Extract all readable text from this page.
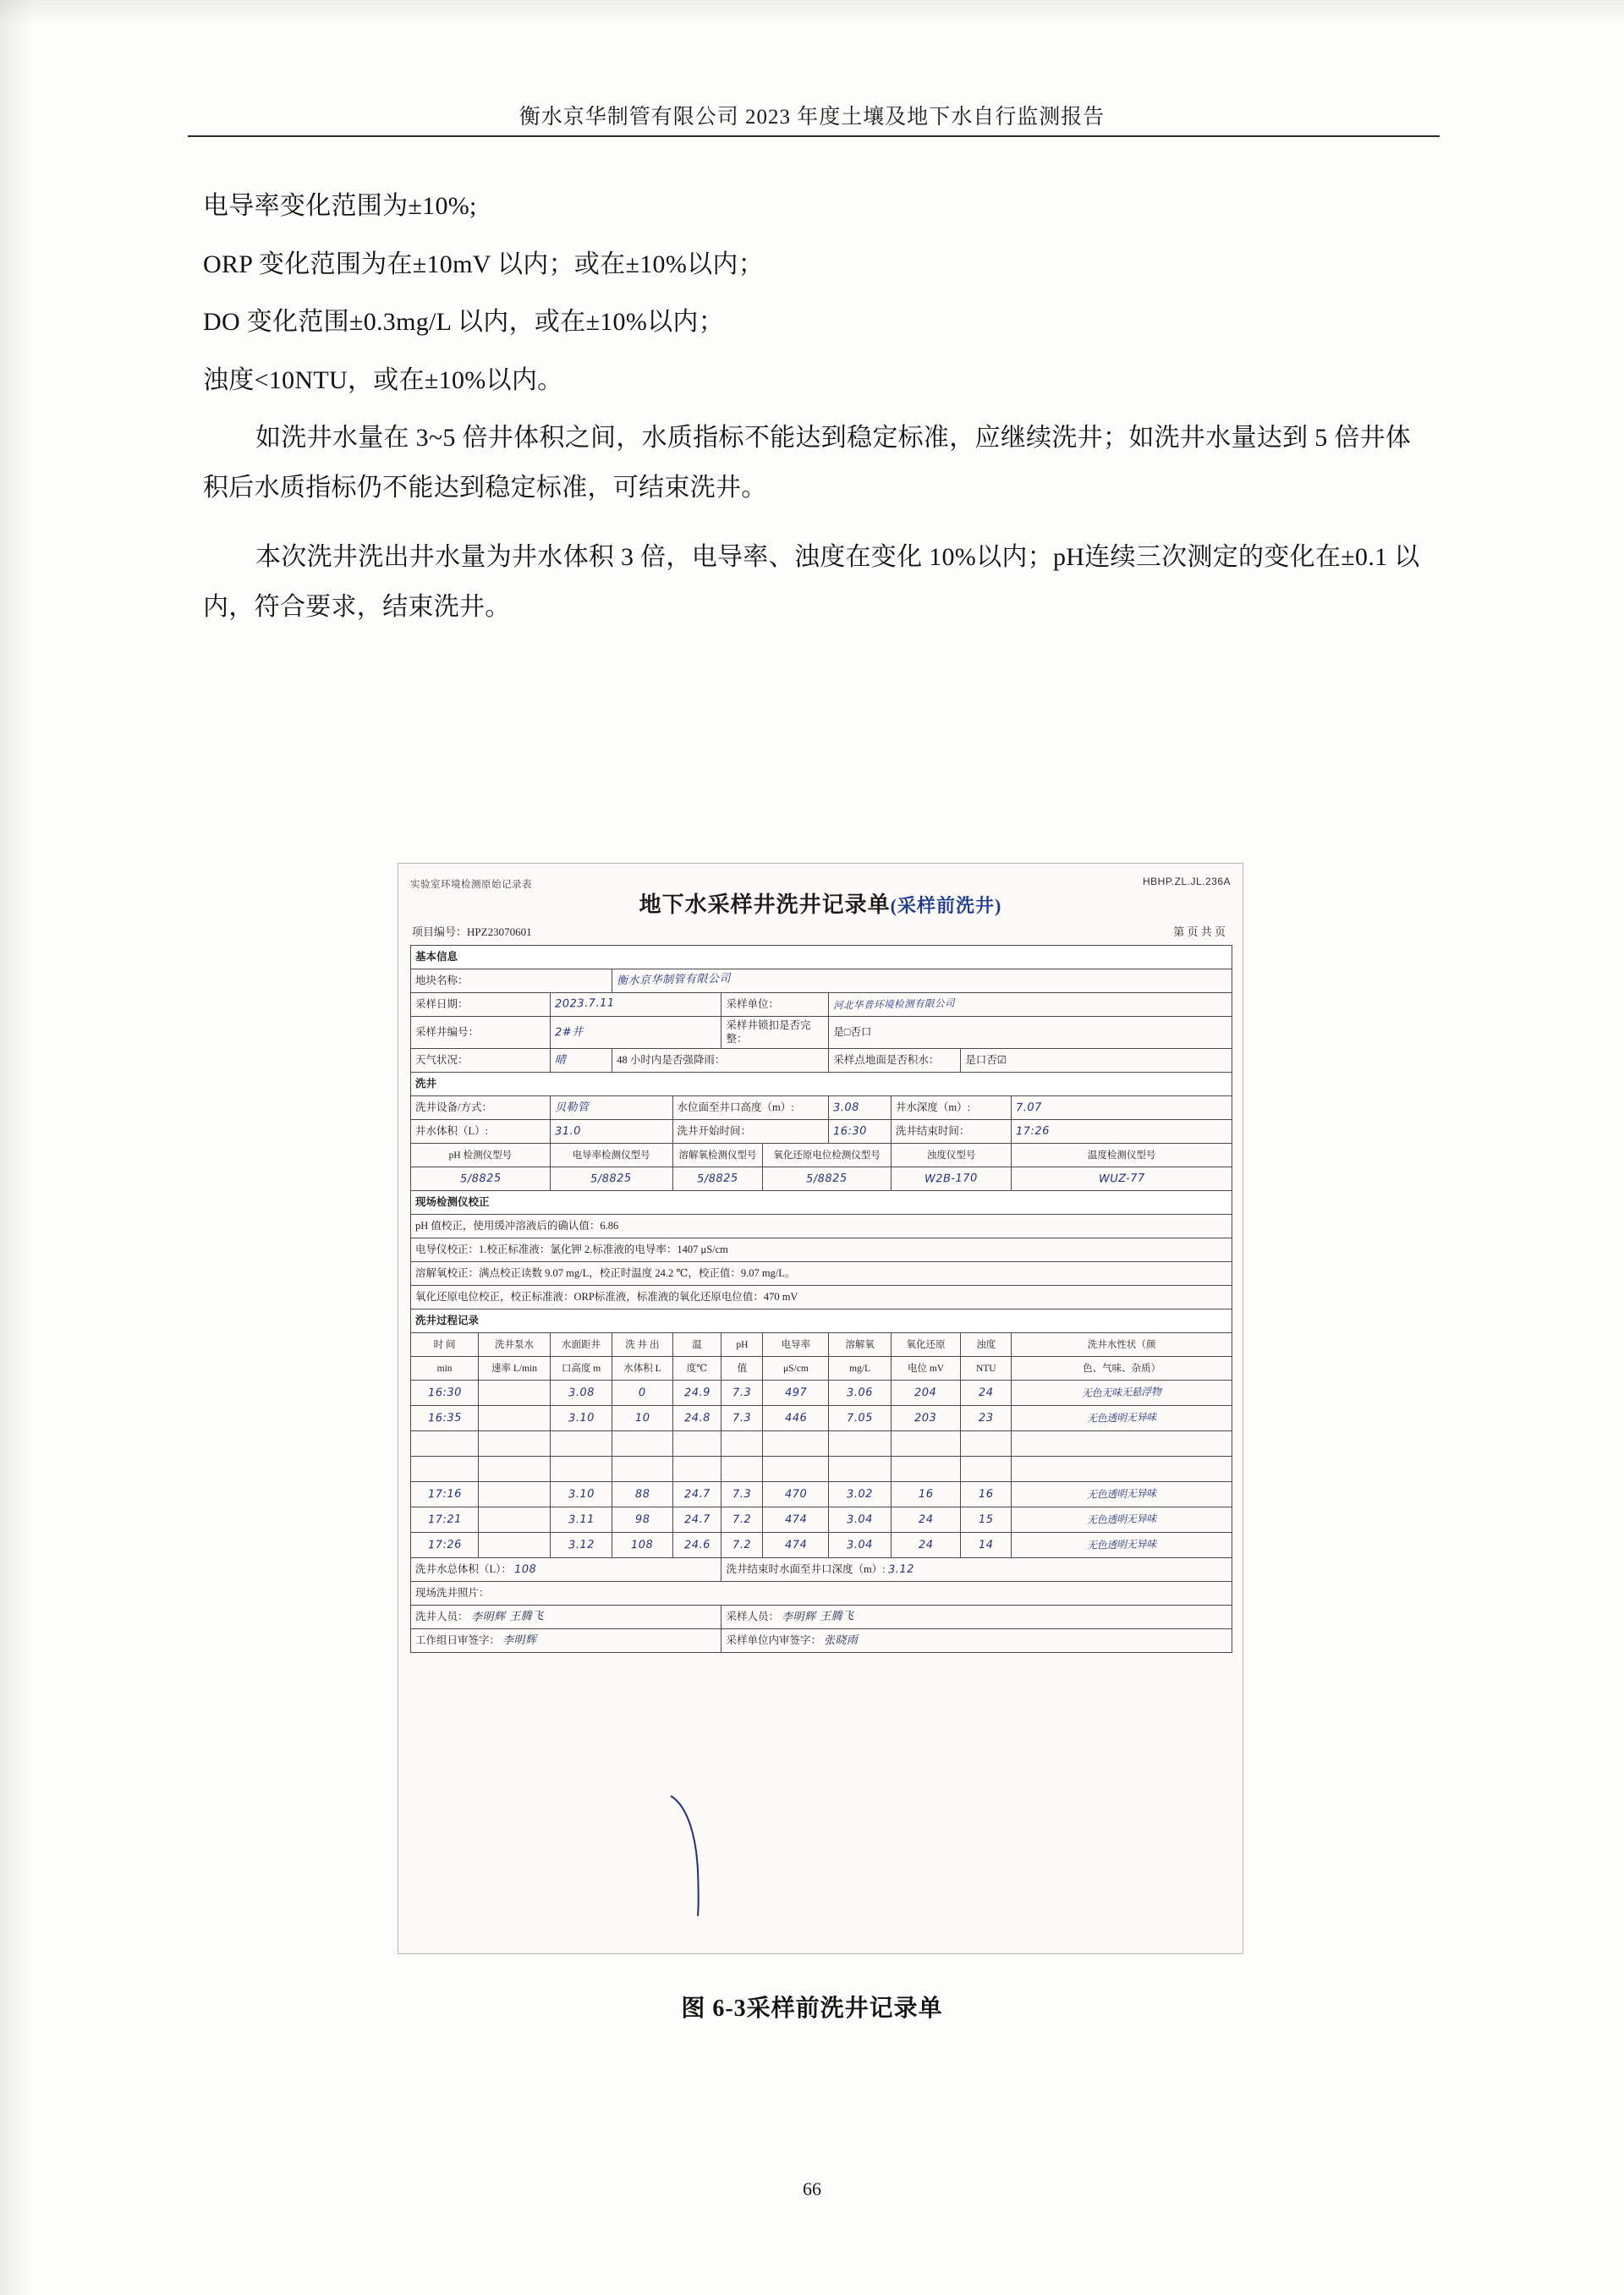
衡水京华制管有限公司 2023 年度土壤及地下水自行监测报告

电导率变化范围为±10%;

ORP 变化范围为在±10mV 以内；或在±10%以内；

DO 变化范围±0.3mg/L 以内，或在±10%以内；

浊度<10NTU，或在±10%以内。

如洗井水量在 3~5 倍井体积之间，水质指标不能达到稳定标准，应继续洗井；如洗井水量达到 5 倍井体积后水质指标仍不能达到稳定标准，可结束洗井。

本次洗井洗出井水量为井水体积 3 倍，电导率、浊度在变化 10%以内；pH连续三次测定的变化在±0.1 以内，符合要求，结束洗井。

实验室环境检测原始记录表	HBHP.ZL.JL.236A
地下水采样井洗井记录单(采样前洗井)
项目编号：HPZ23070601	第 页 共 页
基本信息										
地块名称：			衡水京华制管有限公司							
采样日期：		2023.7.11			采样单位：		河北华普环境检测有限公司			
采样井编号：		2#井			采样井锁扣是否完整：		是□否口			
天气状况：		晴	48 小时内是否强降雨：				采样点地面是否积水：		是口否☑	
洗井										
洗井设备/方式：		贝勒管		水位面至井口高度（m）:			3.08	井水深度（m）:		7.07
井水体积（L）:		31.0		洗井开始时间：			16:30	洗井结束时间：		17:26
pH 检测仪型号		电导率检测仪型号		溶解氧检测仪型号		氧化还原电位检测仪型号		浊度仪型号		温度检测仪型号
5/8825		5/8825		5/8825		5/8825		W2B-170		WUZ-77
现场检测仪校正										
pH 值校正，使用缓冲溶液后的确认值：6.86										
电导仪校正：1.校正标准液：氯化钾 2.标准液的电导率：1407 μS/cm										
溶解氧校正：满点校正读数 9.07 mg/L，校正时温度 24.2 ℃，校正值：9.07 mg/L。										
氧化还原电位校正，校正标准液：ORP标准液，标准液的氧化还原电位值：470 mV										
洗井过程记录										
时 间	洗井泵水	水面距井	洗 井 出	温	pH	电导率	溶解氧	氧化还原	浊度	洗井水性状（颜
min	速率 L/min	口高度 m	水体积 L	度℃	值	μS/cm	mg/L	电位 mV	NTU	色、气味、杂质）
16:30		3.08	0	24.9	7.3	497	3.06	204	24	无色无味无悬浮物
16:35		3.10	10	24.8	7.3	446	7.05	203	23	无色透明无异味

17:16		3.10	88	24.7	7.3	470	3.02	16	16	无色透明无异味
17:21		3.11	98	24.7	7.2	474	3.04	24	15	无色透明无异味
17:26		3.12	108	24.6	7.2	474	3.04	24	14	无色透明无异味
洗井水总体积（L）： 108					洗井结束时水面至井口深度（m）: 3.12					
现场洗井照片：										
洗井人员： 李明辉 王腾飞					采样人员： 李明辉 王腾飞					
工作组日审签字： 李明辉					采样单位内审签字： 张晓雨					
图 6-3采样前洗井记录单
66
